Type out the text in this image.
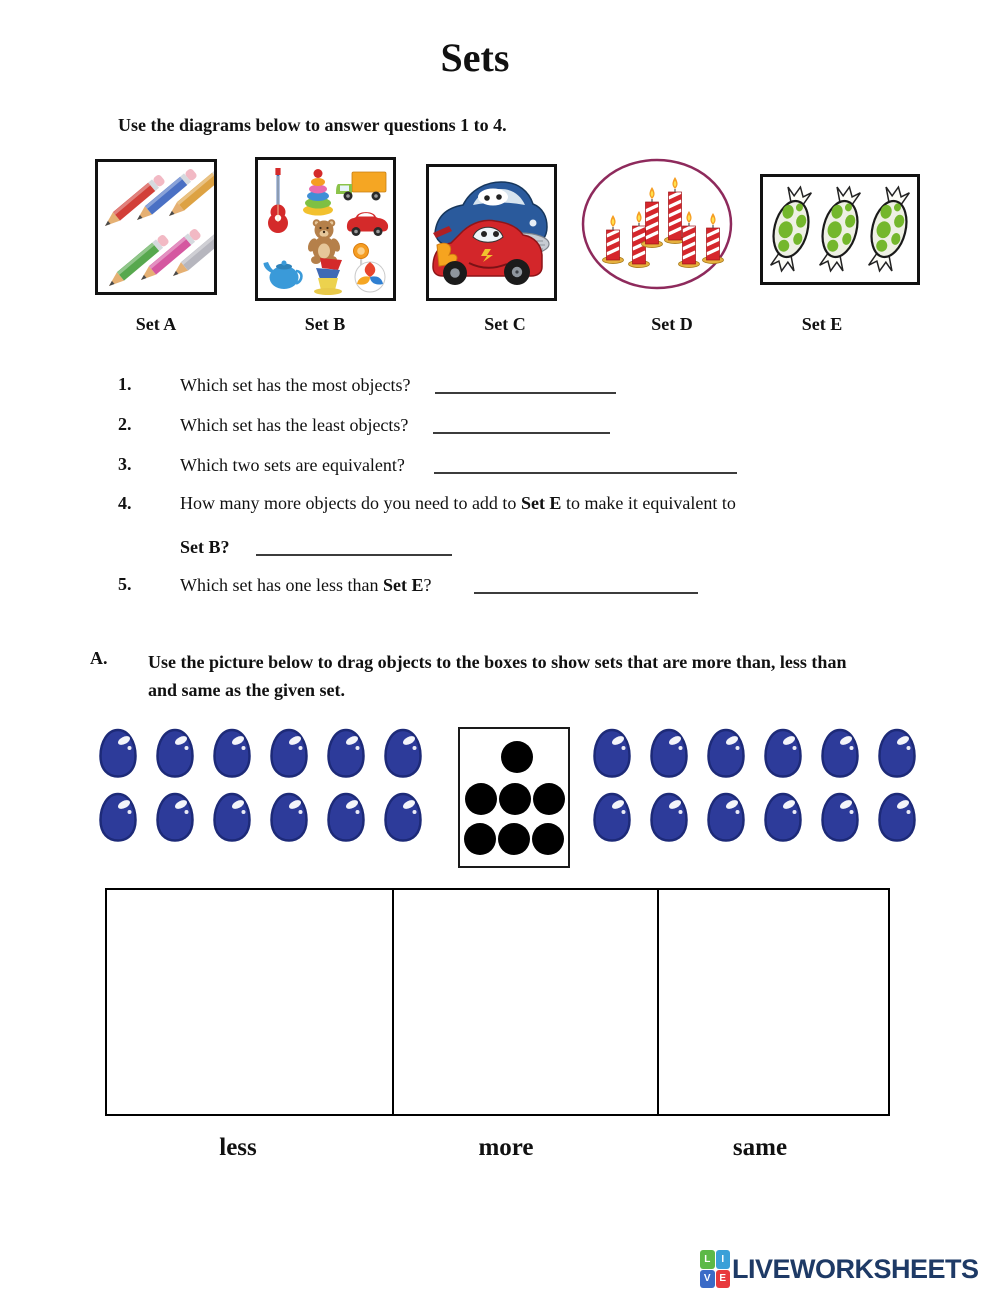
Sets
Use the diagrams below to answer questions 1 to 4.
Set A	Set B	Set C	Set D	Set E
1.	Which set has the most objects?
2.	Which set has the least objects?
3.	Which two sets are equivalent?
4.	How many more objects do you need to add to Set E to make it equivalent to
Set B?
5.	Which set has one less than Set E?
A. Use the picture below to drag objects to the boxes to show sets that are more than, less than and same as the given set.
less	more	same
L	I
V E LIVEWORKSHEETS
